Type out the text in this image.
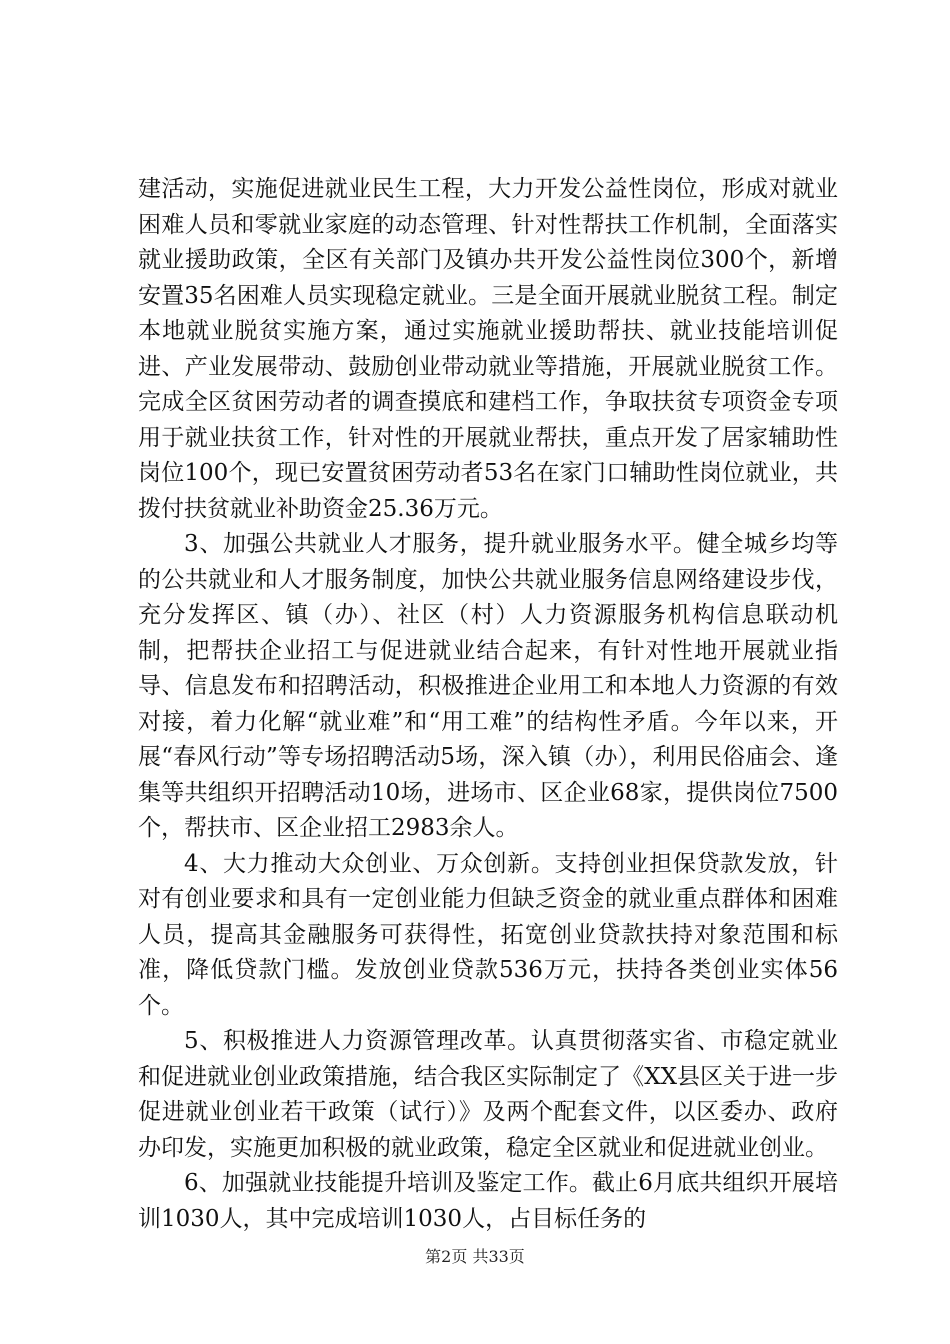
建活动，实施促进就业民生工程，大力开发公益性岗位，形成对就业困难人员和零就业家庭的动态管理、针对性帮扶工作机制，全面落实就业援助政策，全区有关部门及镇办共开发公益性岗位300个，新增安置35名困难人员实现稳定就业。三是全面开展就业脱贫工程。制定本地就业脱贫实施方案，通过实施就业援助帮扶、就业技能培训促进、产业发展带动、鼓励创业带动就业等措施，开展就业脱贫工作。完成全区贫困劳动者的调查摸底和建档工作，争取扶贫专项资金专项用于就业扶贫工作，针对性的开展就业帮扶，重点开发了居家辅助性岗位100个，现已安置贫困劳动者53名在家门口辅助性岗位就业，共拨付扶贫就业补助资金25.36万元。

3、加强公共就业人才服务，提升就业服务水平。健全城乡均等的公共就业和人才服务制度，加快公共就业服务信息网络建设步伐，充分发挥区、镇（办）、社区（村）人力资源服务机构信息联动机制，把帮扶企业招工与促进就业结合起来，有针对性地开展就业指导、信息发布和招聘活动，积极推进企业用工和本地人力资源的有效对接，着力化解“就业难”和“用工难”的结构性矛盾。今年以来，开展“春风行动”等专场招聘活动5场，深入镇（办），利用民俗庙会、逢集等共组织开招聘活动10场，进场市、区企业68家，提供岗位7500个，帮扶市、区企业招工2983余人。

4、大力推动大众创业、万众创新。支持创业担保贷款发放，针对有创业要求和具有一定创业能力但缺乏资金的就业重点群体和困难人员，提高其金融服务可获得性，拓宽创业贷款扶持对象范围和标准，降低贷款门槛。发放创业贷款536万元，扶持各类创业实体56个。

5、积极推进人力资源管理改革。认真贯彻落实省、市稳定就业和促进就业创业政策措施，结合我区实际制定了《XX县区关于进一步促进就业创业若干政策（试行）》及两个配套文件，以区委办、政府办印发，实施更加积极的就业政策，稳定全区就业和促进就业创业。

6、加强就业技能提升培训及鉴定工作。截止6月底共组织开展培训1030人，其中完成培训1030人，占目标任务的

第2页 共33页
